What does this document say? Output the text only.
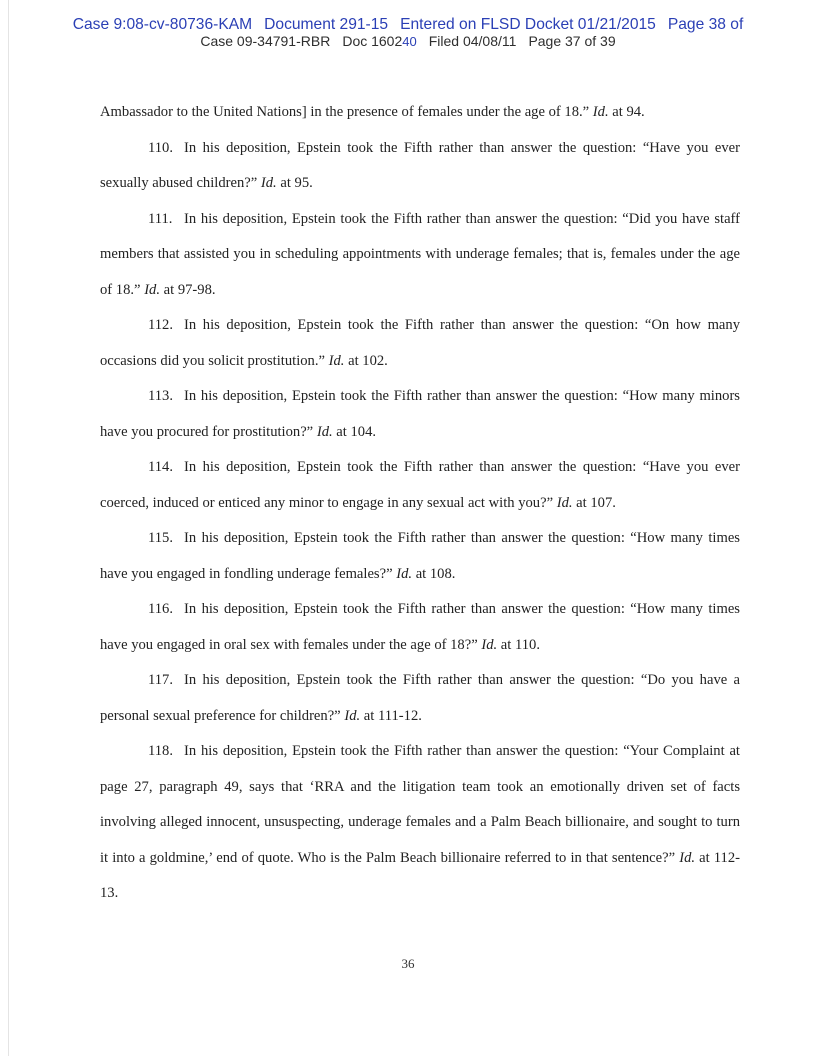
Case 9:08-cv-80736-KAM Document 291-15 Entered on FLSD Docket 01/21/2015 Page 38 of
Case 09-34791-RBR Doc 160240 Filed 04/08/11 Page 37 of 39

Ambassador to the United Nations] in the presence of females under the age of 18.” Id. at 94.

110. In his deposition, Epstein took the Fifth rather than answer the question: “Have you ever sexually abused children?” Id. at 95.

111. In his deposition, Epstein took the Fifth rather than answer the question: “Did you have staff members that assisted you in scheduling appointments with underage females; that is, females under the age of 18.” Id. at 97-98.

112. In his deposition, Epstein took the Fifth rather than answer the question: “On how many occasions did you solicit prostitution.” Id. at 102.

113. In his deposition, Epstein took the Fifth rather than answer the question: “How many minors have you procured for prostitution?” Id. at 104.

114. In his deposition, Epstein took the Fifth rather than answer the question: “Have you ever coerced, induced or enticed any minor to engage in any sexual act with you?” Id. at 107.

115. In his deposition, Epstein took the Fifth rather than answer the question: “How many times have you engaged in fondling underage females?” Id. at 108.

116. In his deposition, Epstein took the Fifth rather than answer the question: “How many times have you engaged in oral sex with females under the age of 18?” Id. at 110.

117. In his deposition, Epstein took the Fifth rather than answer the question: “Do you have a personal sexual preference for children?” Id. at 111-12.

118. In his deposition, Epstein took the Fifth rather than answer the question: “Your Complaint at page 27, paragraph 49, says that ‘RRA and the litigation team took an emotionally driven set of facts involving alleged innocent, unsuspecting, underage females and a Palm Beach billionaire, and sought to turn it into a goldmine,’ end of quote. Who is the Palm Beach billionaire referred to in that sentence?” Id. at 112-13.

36
